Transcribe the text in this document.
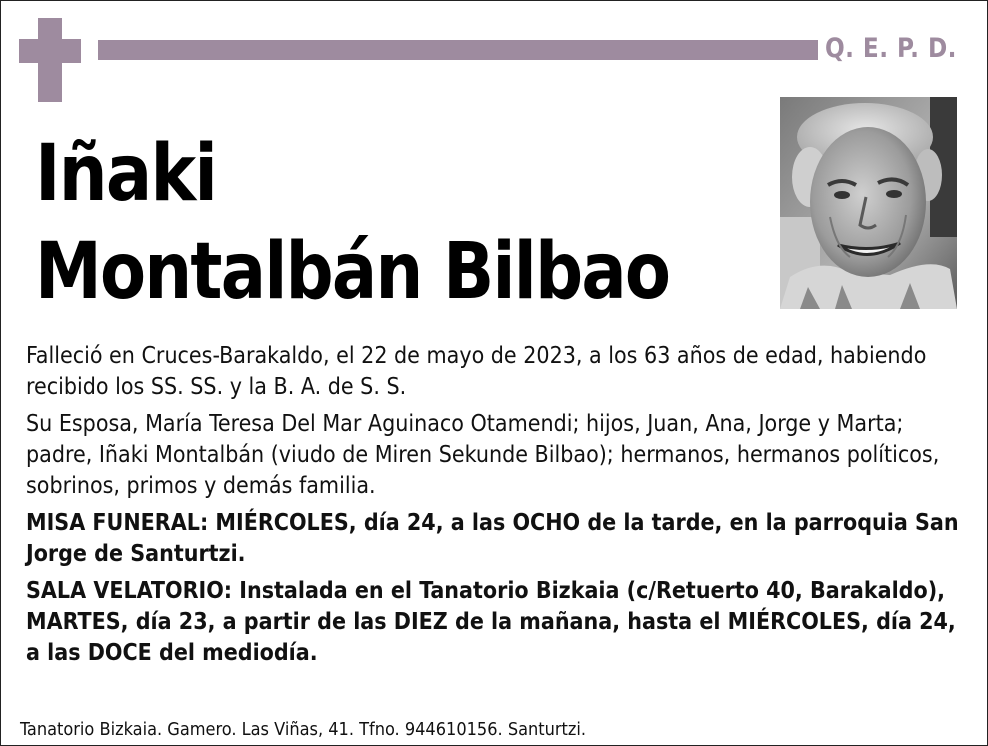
Q. E. P. D.
Iñaki
Montalbán Bilbao

Falleció en Cruces-Barakaldo, el 22 de mayo de 2023, a los 63 años de edad, habiendo recibido los SS. SS. y la B. A. de S. S.

Su Esposa, María Teresa Del Mar Aguinaco Otamendi; hijos, Juan, Ana, Jorge y Marta; padre, Iñaki Montalbán (viudo de Miren Sekunde Bilbao); hermanos, hermanos políticos, sobrinos, primos y demás familia.

MISA FUNERAL: MIÉRCOLES, día 24, a las OCHO de la tarde, en la parroquia San Jorge de Santurtzi.

SALA VELATORIO: Instalada en el Tanatorio Bizkaia (c/Retuerto 40, Barakaldo), MARTES, día 23, a partir de las DIEZ de la mañana, hasta el MIÉRCOLES, día 24, a las DOCE del mediodía.

Tanatorio Bizkaia. Gamero. Las Viñas, 41. Tfno. 944610156. Santurtzi.
